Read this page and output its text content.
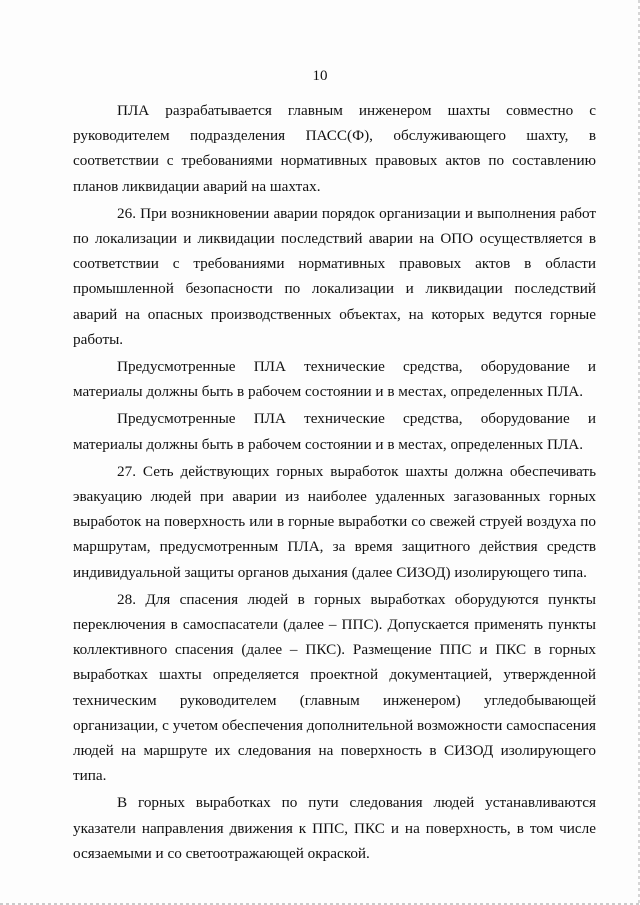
10

ПЛА разрабатывается главным инженером шахты совместно с руководителем подразделения ПАСС(Ф), обслуживающего шахту, в соответствии с требованиями нормативных правовых актов по составлению планов ликвидации аварий на шахтах.

26. При возникновении аварии порядок организации и выполнения работ по локализации и ликвидации последствий аварии на ОПО осуществляется в соответствии с требованиями нормативных правовых актов в области промышленной безопасности по локализации и ликвидации последствий аварий на опасных производственных объектах, на которых ведутся горные работы.

Предусмотренные ПЛА технические средства, оборудование и материалы должны быть в рабочем состоянии и в местах, определенных ПЛА.

Предусмотренные ПЛА технические средства, оборудование и материалы должны быть в рабочем состоянии и в местах, определенных ПЛА.

27. Сеть действующих горных выработок шахты должна обеспечивать эвакуацию людей при аварии из наиболее удаленных загазованных горных выработок на поверхность или в горные выработки со свежей струей воздуха по маршрутам, предусмотренным ПЛА, за время защитного действия средств индивидуальной защиты органов дыхания (далее СИЗОД) изолирующего типа.

28. Для спасения людей в горных выработках оборудуются пункты переключения в самоспасатели (далее – ППС). Допускается применять пункты коллективного спасения (далее – ПКС). Размещение ППС и ПКС в горных выработках шахты определяется проектной документацией, утвержденной техническим руководителем (главным инженером) угледобывающей организации, с учетом обеспечения дополнительной возможности самоспасения людей на маршруте их следования на поверхность в СИЗОД изолирующего типа.

В горных выработках по пути следования людей устанавливаются указатели направления движения к ППС, ПКС и на поверхность, в том числе осязаемыми и со светоотражающей окраской.
